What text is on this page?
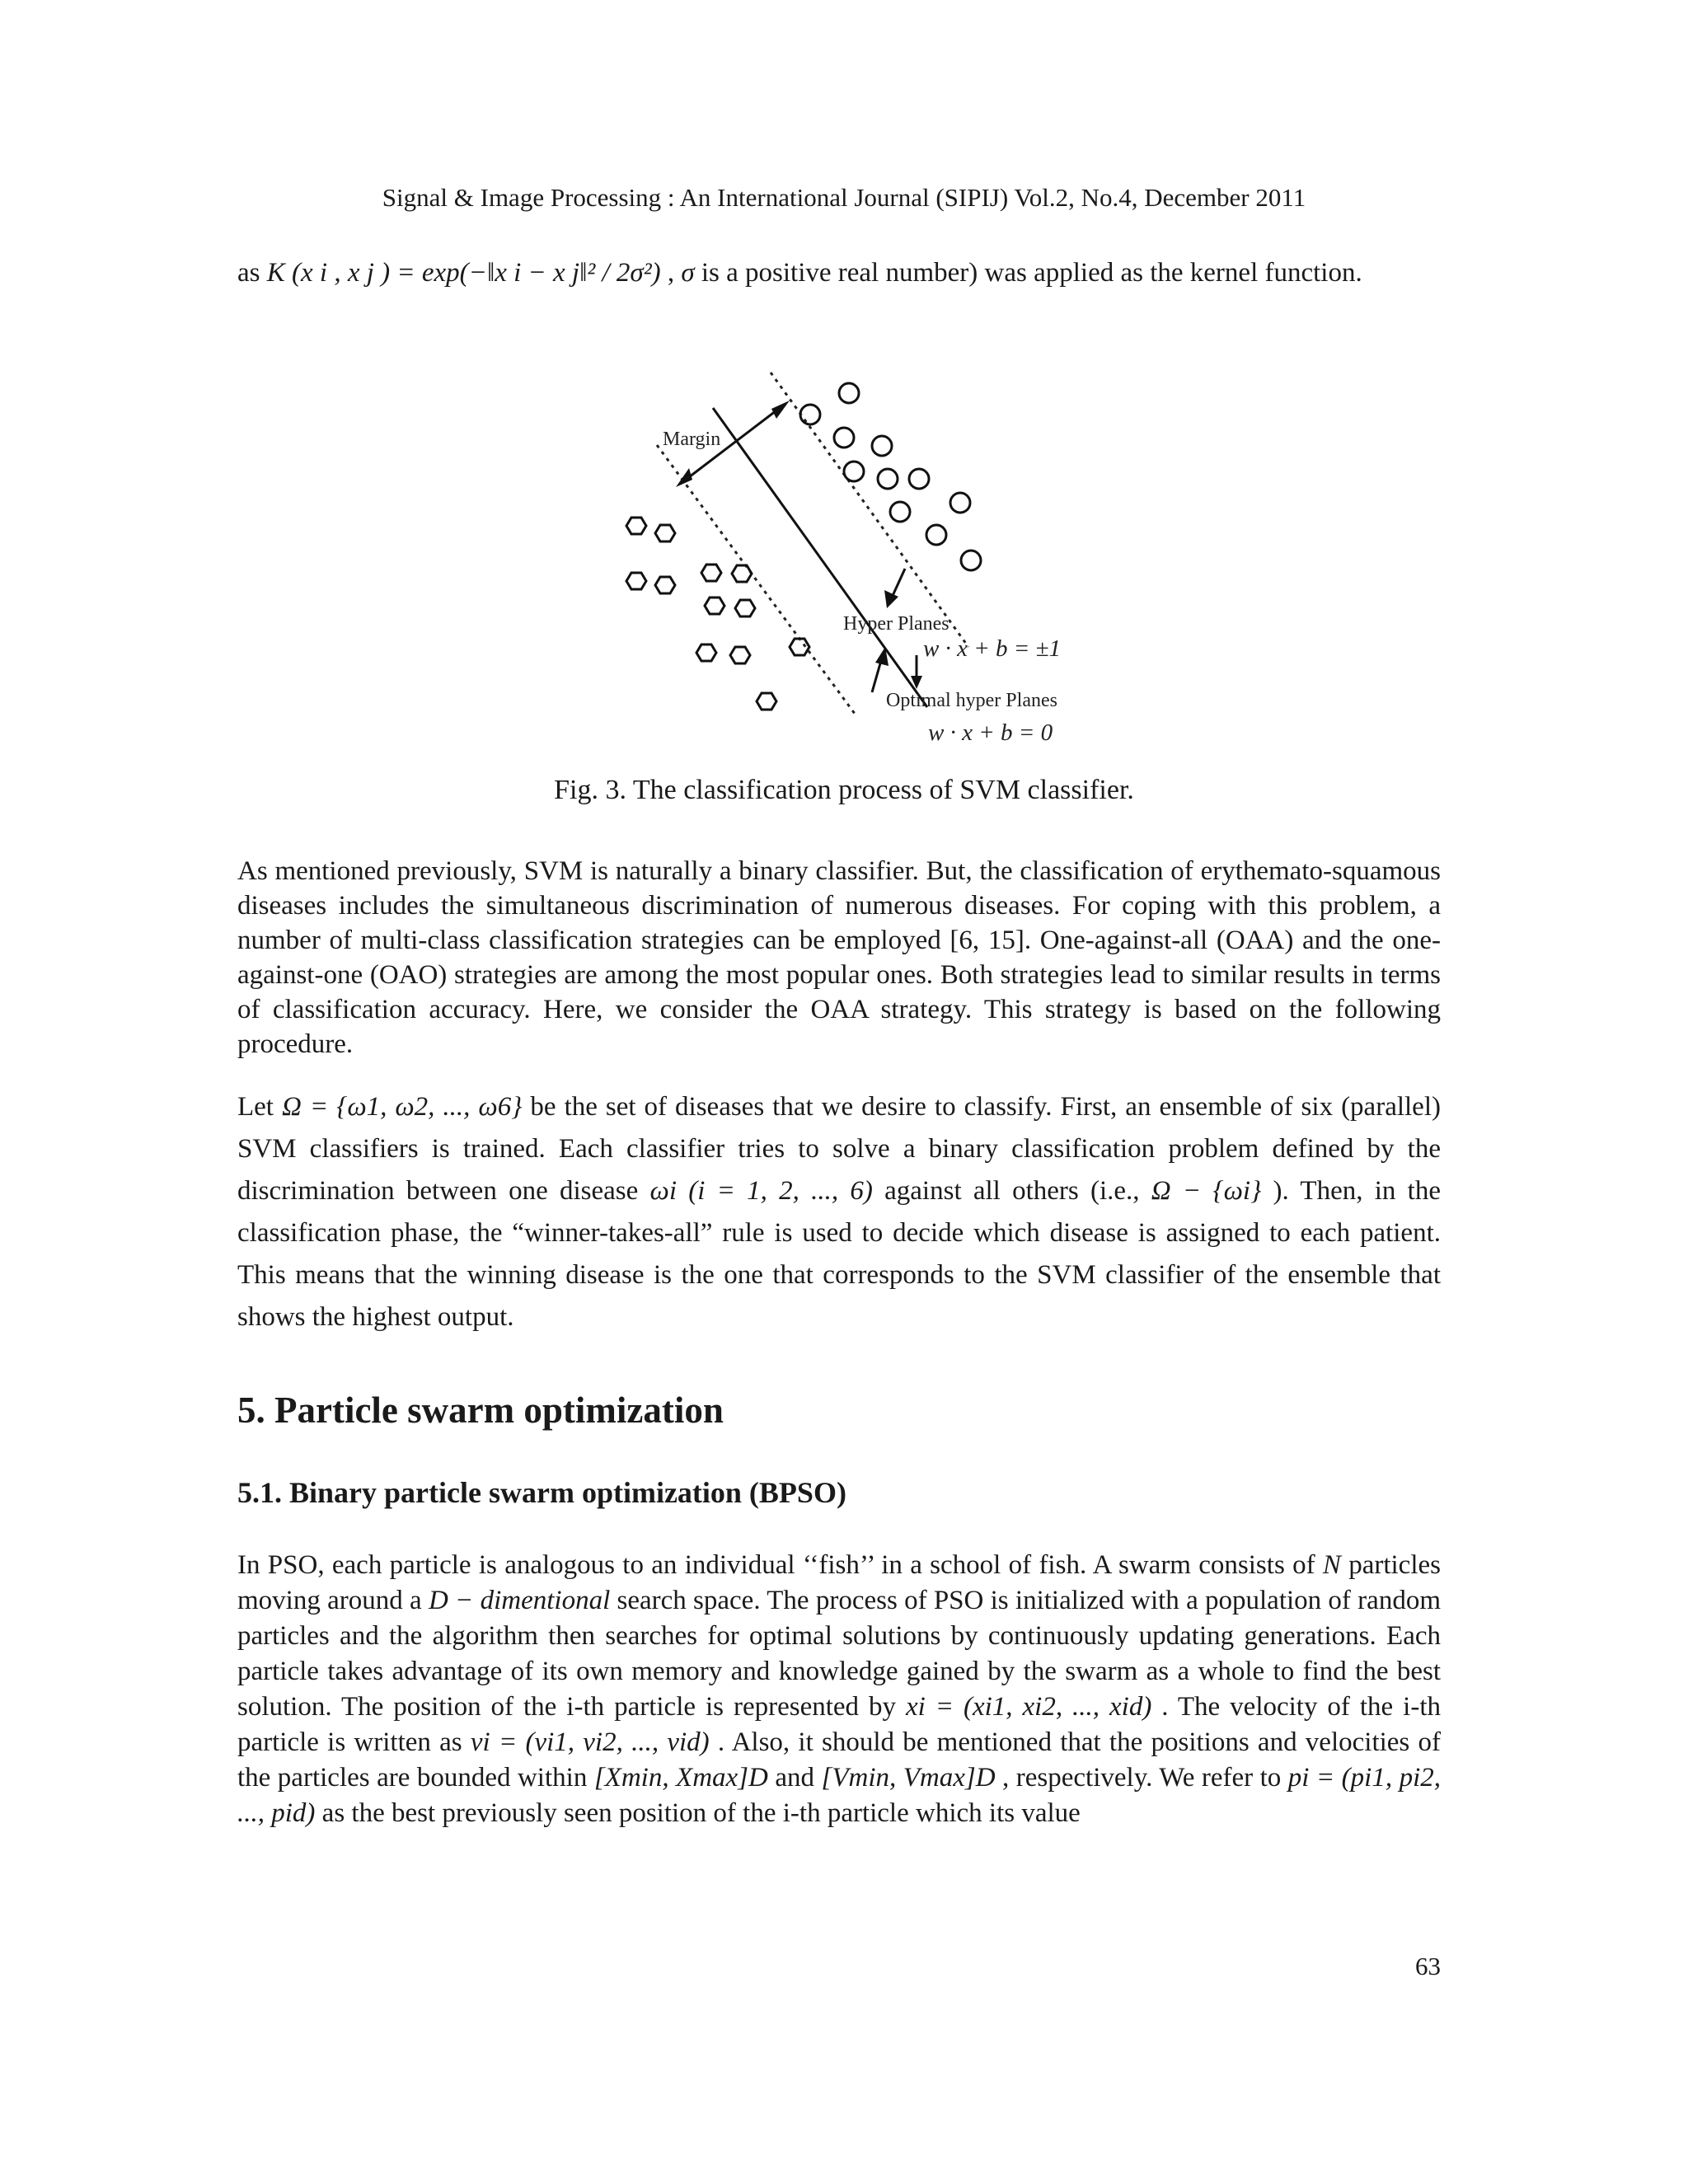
Signal & Image Processing : An International Journal (SIPIJ) Vol.2, No.4, December 2011
as K (x i , x j ) = exp(−‖x i − x j‖² / 2σ²) , σ is a positive real number) was applied as the kernel function.
Margin
Hyper Planes
w · x + b = ±1
Optimal hyper Planes
w · x + b = 0
Fig. 3. The classification process of SVM classifier.
As mentioned previously, SVM is naturally a binary classifier. But, the classification of erythemato-squamous diseases includes the simultaneous discrimination of numerous diseases. For coping with this problem, a number of multi-class classification strategies can be employed [6, 15]. One-against-all (OAA) and the one-against-one (OAO) strategies are among the most popular ones. Both strategies lead to similar results in terms of classification accuracy. Here, we consider the OAA strategy. This strategy is based on the following procedure.
Let Ω = {ω1, ω2, ..., ω6} be the set of diseases that we desire to classify. First, an ensemble of six (parallel) SVM classifiers is trained. Each classifier tries to solve a binary classification problem defined by the discrimination between one disease ωi (i = 1, 2, ..., 6) against all others (i.e., Ω − {ωi} ). Then, in the classification phase, the “winner-takes-all” rule is used to decide which disease is assigned to each patient. This means that the winning disease is the one that corresponds to the SVM classifier of the ensemble that shows the highest output.
5. Particle swarm optimization
5.1. Binary particle swarm optimization (BPSO)
In PSO, each particle is analogous to an individual ‘‘fish’’ in a school of fish. A swarm consists of N particles moving around a D − dimentional search space. The process of PSO is initialized with a population of random particles and the algorithm then searches for optimal solutions by continuously updating generations. Each particle takes advantage of its own memory and knowledge gained by the swarm as a whole to find the best solution. The position of the i-th particle is represented by xi = (xi1, xi2, ..., xid) . The velocity of the i-th particle is written as vi = (vi1, vi2, ..., vid) . Also, it should be mentioned that the positions and velocities of the particles are bounded within [Xmin, Xmax]D and [Vmin, Vmax]D , respectively. We refer to pi = (pi1, pi2, ..., pid) as the best previously seen position of the i-th particle which its value
63
